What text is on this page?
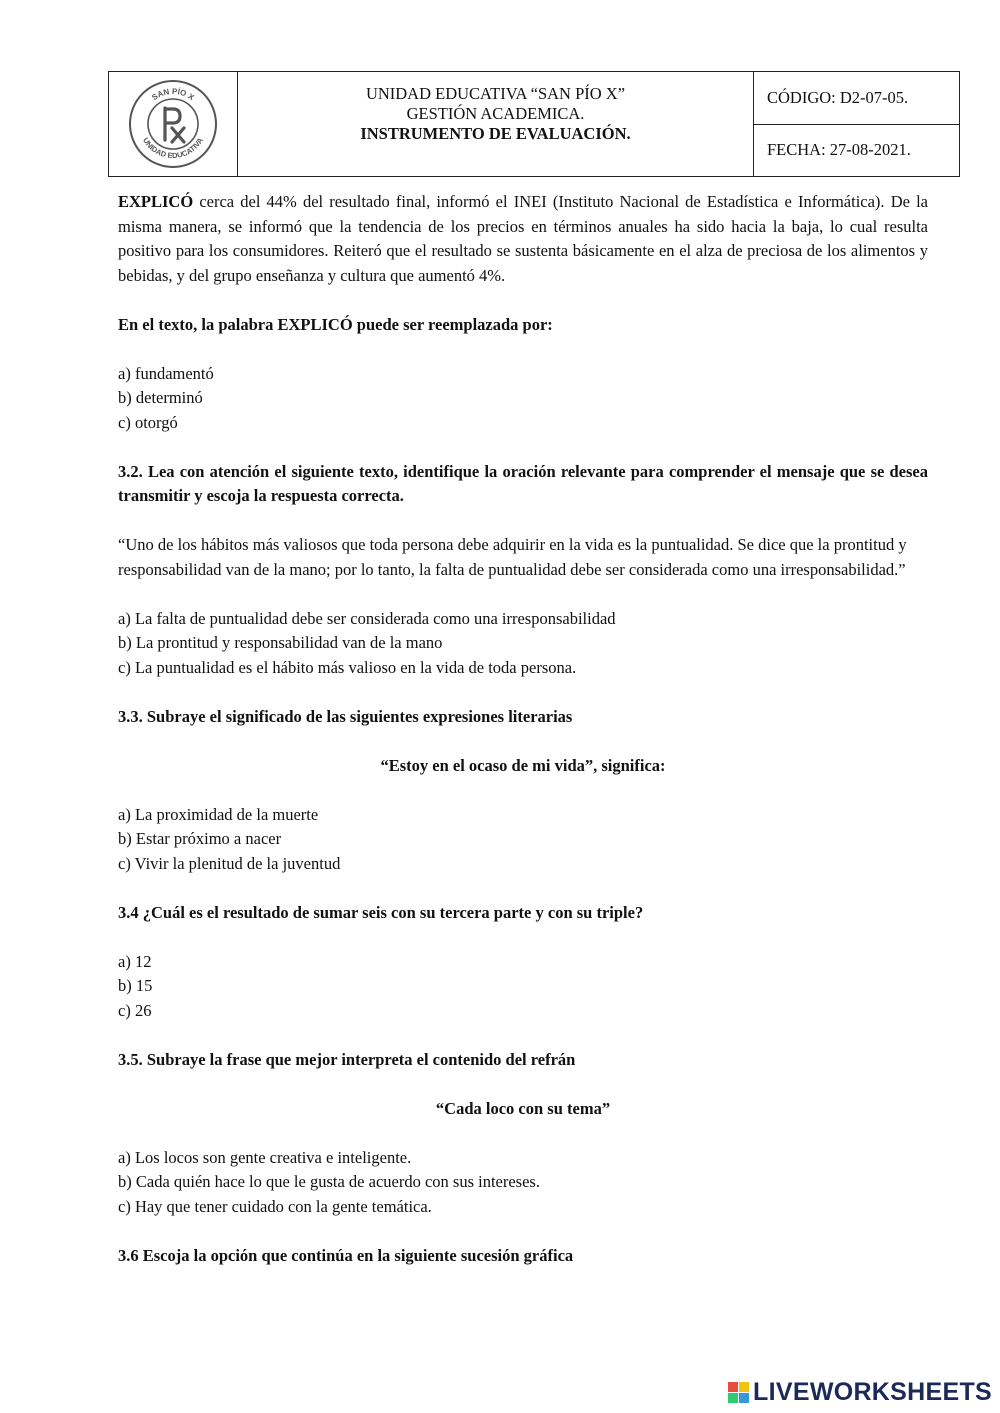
SAN PÍO X
UNIDAD EDUCATIVA
UNIDAD EDUCATIVA “SAN PÍO X”
GESTIÓN ACADEMICA.
INSTRUMENTO DE EVALUACIÓN.
CÓDIGO: D2-07-05.
FECHA: 27-08-2021.

EXPLICÓ cerca del 44% del resultado final, informó el INEI (Instituto Nacional de Estadística e Informática). De la misma manera, se informó que la tendencia de los precios en términos anuales ha sido hacia la baja, lo cual resulta positivo para los consumidores. Reiteró que el resultado se sustenta básicamente en el alza de preciosa de los alimentos y bebidas, y del grupo enseñanza y cultura que aumentó 4%.

En el texto, la palabra EXPLICÓ puede ser reemplazada por:

a) fundamentó

b) determinó

c) otorgó

3.2. Lea con atención el siguiente texto, identifique la oración relevante para comprender el mensaje que se desea transmitir y escoja la respuesta correcta.

“Uno de los hábitos más valiosos que toda persona debe adquirir en la vida es la puntualidad. Se dice que la prontitud y responsabilidad van de la mano; por lo tanto, la falta de puntualidad debe ser considerada como una irresponsabilidad.”

a) La falta de puntualidad debe ser considerada como una irresponsabilidad

b) La prontitud y responsabilidad van de la mano

c) La puntualidad es el hábito más valioso en la vida de toda persona.

3.3. Subraye el significado de las siguientes expresiones literarias

“Estoy en el ocaso de mi vida”, significa:

a) La proximidad de la muerte

b) Estar próximo a nacer

c) Vivir la plenitud de la juventud

3.4 ¿Cuál es el resultado de sumar seis con su tercera parte y con su triple?

a) 12

b) 15

c) 26

3.5. Subraye la frase que mejor interpreta el contenido del refrán

“Cada loco con su tema”

a) Los locos son gente creativa e inteligente.

b) Cada quién hace lo que le gusta de acuerdo con sus intereses.

c) Hay que tener cuidado con la gente temática.

3.6 Escoja la opción que continúa en la siguiente sucesión gráfica

LIVEWORKSHEETS
